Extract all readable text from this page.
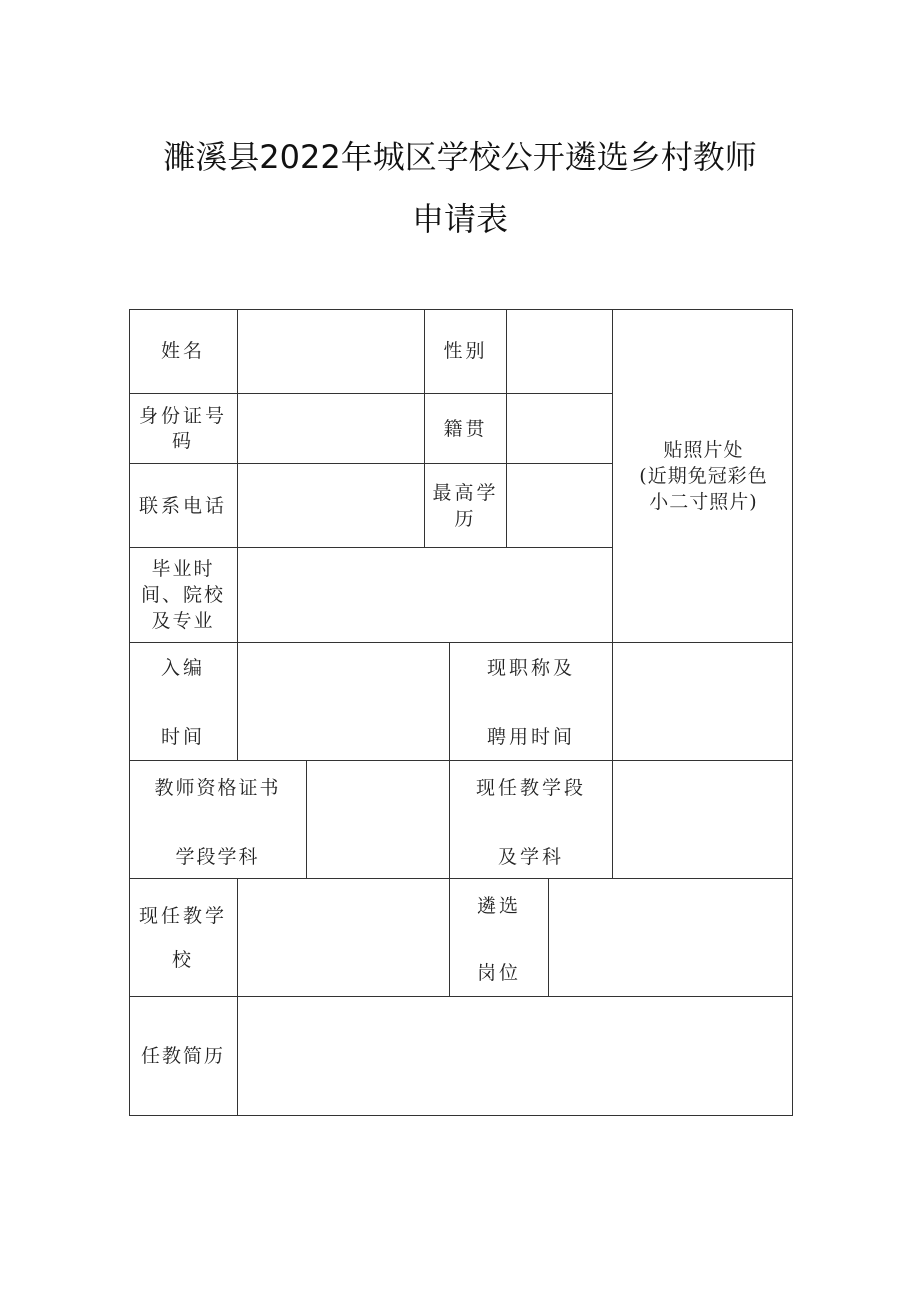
濉溪县2022年城区学校公开遴选乡村教师
申请表
姓名	性别
贴照片处
(近期免冠彩色
小二寸照片)
身份证号
码
籍贯
联系电话
最高学
历
毕业时
间、院校
及专业
入编
时间
现职称及
聘用时间
教师资格证书
学段学科
现任教学段
及学科
现任教学
校
遴选
岗位
任教简历
